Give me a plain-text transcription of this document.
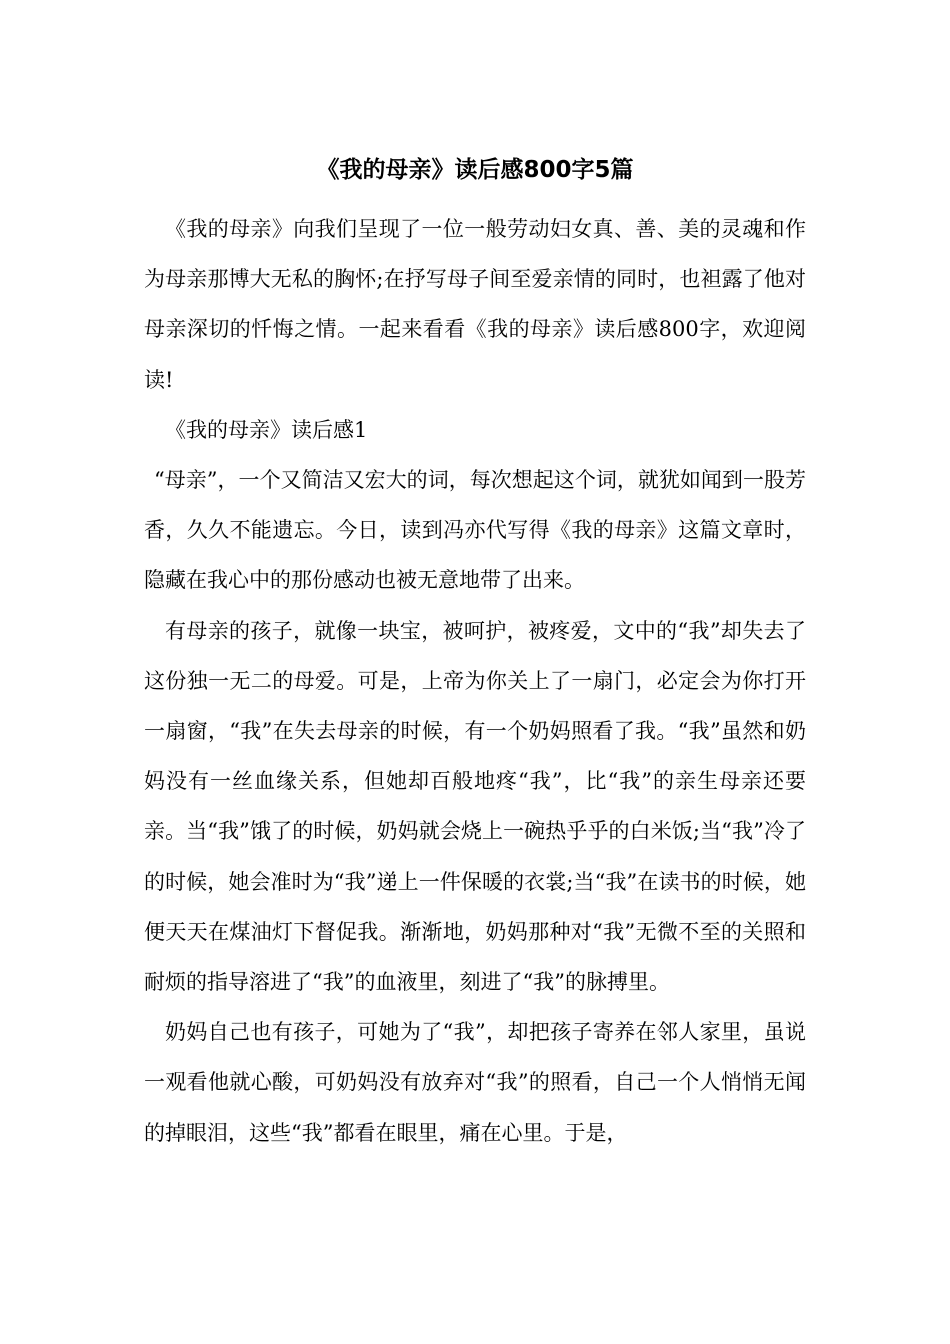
《我的母亲》读后感800字5篇

《我的母亲》向我们呈现了一位一般劳动妇女真、善、美的灵魂和作为母亲那博大无私的胸怀;在抒写母子间至爱亲情的同时，也袒露了他对母亲深切的忏悔之情。一起来看看《我的母亲》读后感800字，欢迎阅读!

《我的母亲》读后感1

“母亲”，一个又简洁又宏大的词，每次想起这个词，就犹如闻到一股芳香，久久不能遗忘。今日，读到冯亦代写得《我的母亲》这篇文章时，隐藏在我心中的那份感动也被无意地带了出来。

有母亲的孩子，就像一块宝，被呵护，被疼爱，文中的“我”却失去了这份独一无二的母爱。可是，上帝为你关上了一扇门，必定会为你打开一扇窗，“我”在失去母亲的时候，有一个奶妈照看了我。“我”虽然和奶妈没有一丝血缘关系，但她却百般地疼“我”，比“我”的亲生母亲还要亲。当“我”饿了的时候，奶妈就会烧上一碗热乎乎的白米饭;当“我”冷了的时候，她会准时为“我”递上一件保暖的衣裳;当“我”在读书的时候，她便天天在煤油灯下督促我。渐渐地，奶妈那种对“我”无微不至的关照和耐烦的指导溶进了“我”的血液里，刻进了“我”的脉搏里。

奶妈自己也有孩子，可她为了“我”，却把孩子寄养在邻人家里，虽说一观看他就心酸，可奶妈没有放弃对“我”的照看，自己一个人悄悄无闻的掉眼泪，这些“我”都看在眼里，痛在心里。于是，
